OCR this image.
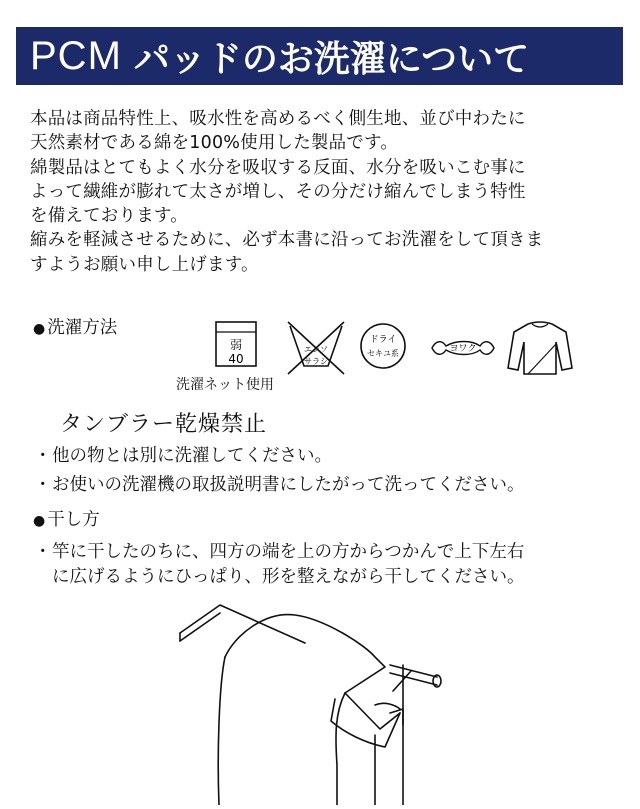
PCM パッドのお洗濯について

本品は商品特性上、吸水性を高めるべく側生地、並び中わたに

天然素材である綿を100%使用した製品です。

綿製品はとてもよく水分を吸収する反面、水分を吸いこむ事に

よって繊維が膨れて太さが増し、その分だけ縮んでしまう特性

を備えております。

縮みを軽減させるために、必ず本書に沿ってお洗濯をして頂きま

すようお願い申し上げます。

● 洗濯方法
弱
40
エンソ
サラシ
ドライ
セキユ系	ヨワク
洗濯ネット使用
タンブラー乾燥禁止
・ 他の物とは別に洗濯してください。
・ お使いの洗濯機の取扱説明書にしたがって洗ってください。
● 干し方
・ 竿に干したのちに、四方の端を上の方からつかんで上下左右
に広げるようにひっぱり、形を整えながら干してください。
